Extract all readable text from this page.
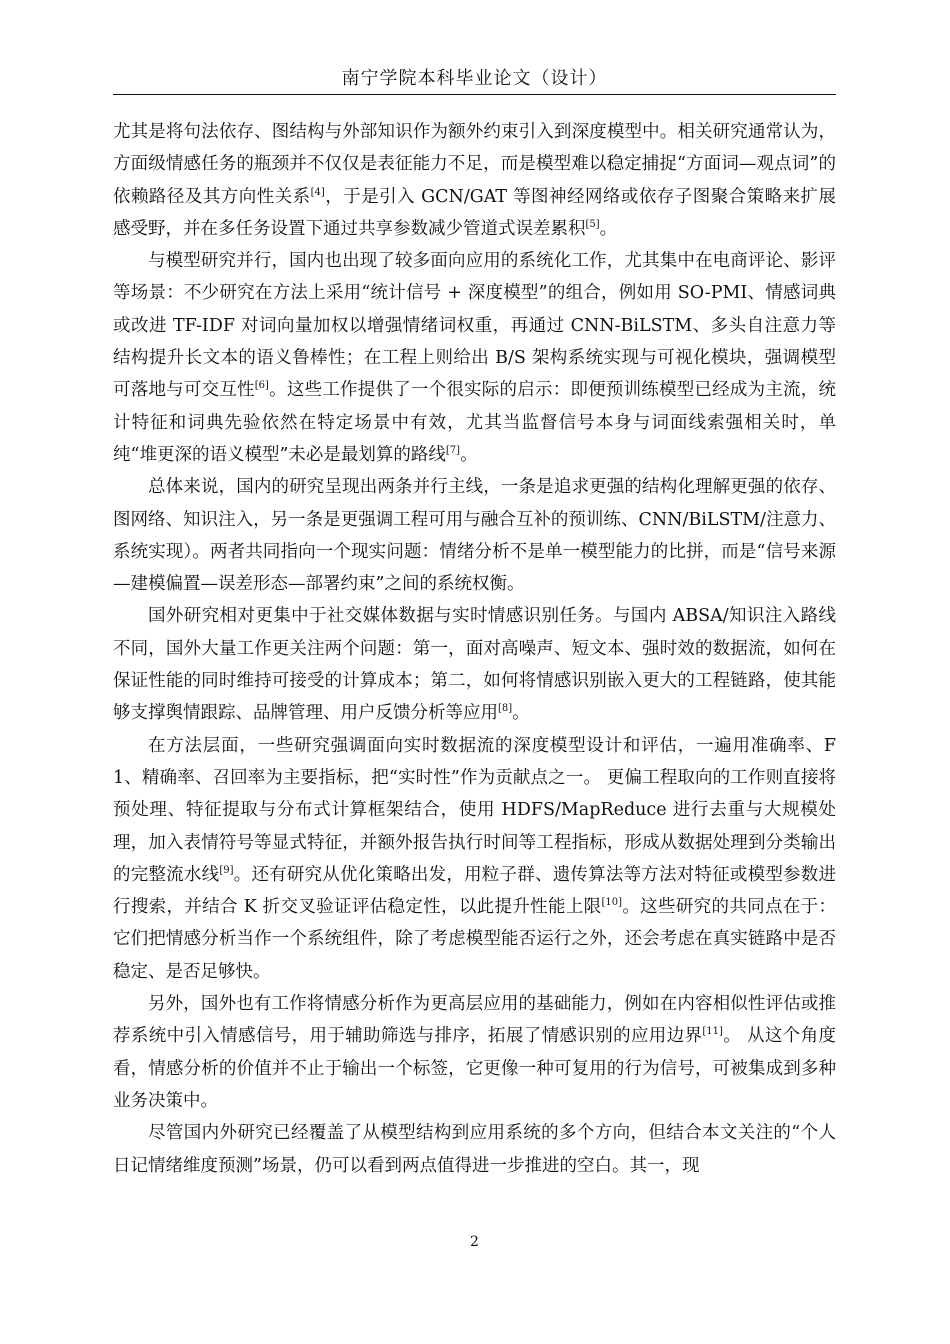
南宁学院本科毕业论文（设计）

尤其是将句法依存、图结构与外部知识作为额外约束引入到深度模型中。相关研究通常认为，方面级情感任务的瓶颈并不仅仅是表征能力不足，而是模型难以稳定捕捉“方面词—观点词”的依赖路径及其方向性关系[4]，于是引入 GCN/GAT 等图神经网络或依存子图聚合策略来扩展感受野，并在多任务设置下通过共享参数减少管道式误差累积[5]。

与模型研究并行，国内也出现了较多面向应用的系统化工作，尤其集中在电商评论、影评等场景：不少研究在方法上采用“统计信号 + 深度模型”的组合，例如用 SO-PMI、情感词典或改进 TF-IDF 对词向量加权以增强情绪词权重，再通过 CNN-BiLSTM、多头自注意力等结构提升长文本的语义鲁棒性；在工程上则给出 B/S 架构系统实现与可视化模块，强调模型可落地与可交互性[6]。这些工作提供了一个很实际的启示：即便预训练模型已经成为主流，统计特征和词典先验依然在特定场景中有效，尤其当监督信号本身与词面线索强相关时，单纯“堆更深的语义模型”未必是最划算的路线[7]。

总体来说，国内的研究呈现出两条并行主线，一条是追求更强的结构化理解更强的依存、图网络、知识注入，另一条是更强调工程可用与融合互补的预训练、CNN/BiLSTM/注意力、系统实现）。两者共同指向一个现实问题：情绪分析不是单一模型能力的比拼，而是“信号来源—建模偏置—误差形态—部署约束”之间的系统权衡。

国外研究相对更集中于社交媒体数据与实时情感识别任务。与国内 ABSA/知识注入路线不同，国外大量工作更关注两个问题：第一，面对高噪声、短文本、强时效的数据流，如何在保证性能的同时维持可接受的计算成本；第二，如何将情感识别嵌入更大的工程链路，使其能够支撑舆情跟踪、品牌管理、用户反馈分析等应用[8]。

在方法层面，一些研究强调面向实时数据流的深度模型设计和评估，一遍用准确率、F1、精确率、召回率为主要指标，把“实时性”作为贡献点之一。 更偏工程取向的工作则直接将预处理、特征提取与分布式计算框架结合，使用 HDFS/MapReduce 进行去重与大规模处理，加入表情符号等显式特征，并额外报告执行时间等工程指标，形成从数据处理到分类输出的完整流水线[9]。还有研究从优化策略出发，用粒子群、遗传算法等方法对特征或模型参数进行搜索，并结合 K 折交叉验证评估稳定性，以此提升性能上限[10]。这些研究的共同点在于：它们把情感分析当作一个系统组件，除了考虑模型能否运行之外，还会考虑在真实链路中是否稳定、是否足够快。

另外，国外也有工作将情感分析作为更高层应用的基础能力，例如在内容相似性评估或推荐系统中引入情感信号，用于辅助筛选与排序，拓展了情感识别的应用边界[11]。 从这个角度看，情感分析的价值并不止于输出一个标签，它更像一种可复用的行为信号，可被集成到多种业务决策中。

尽管国内外研究已经覆盖了从模型结构到应用系统的多个方向，但结合本文关注的“个人日记情绪维度预测”场景，仍可以看到两点值得进一步推进的空白。其一，现

2
